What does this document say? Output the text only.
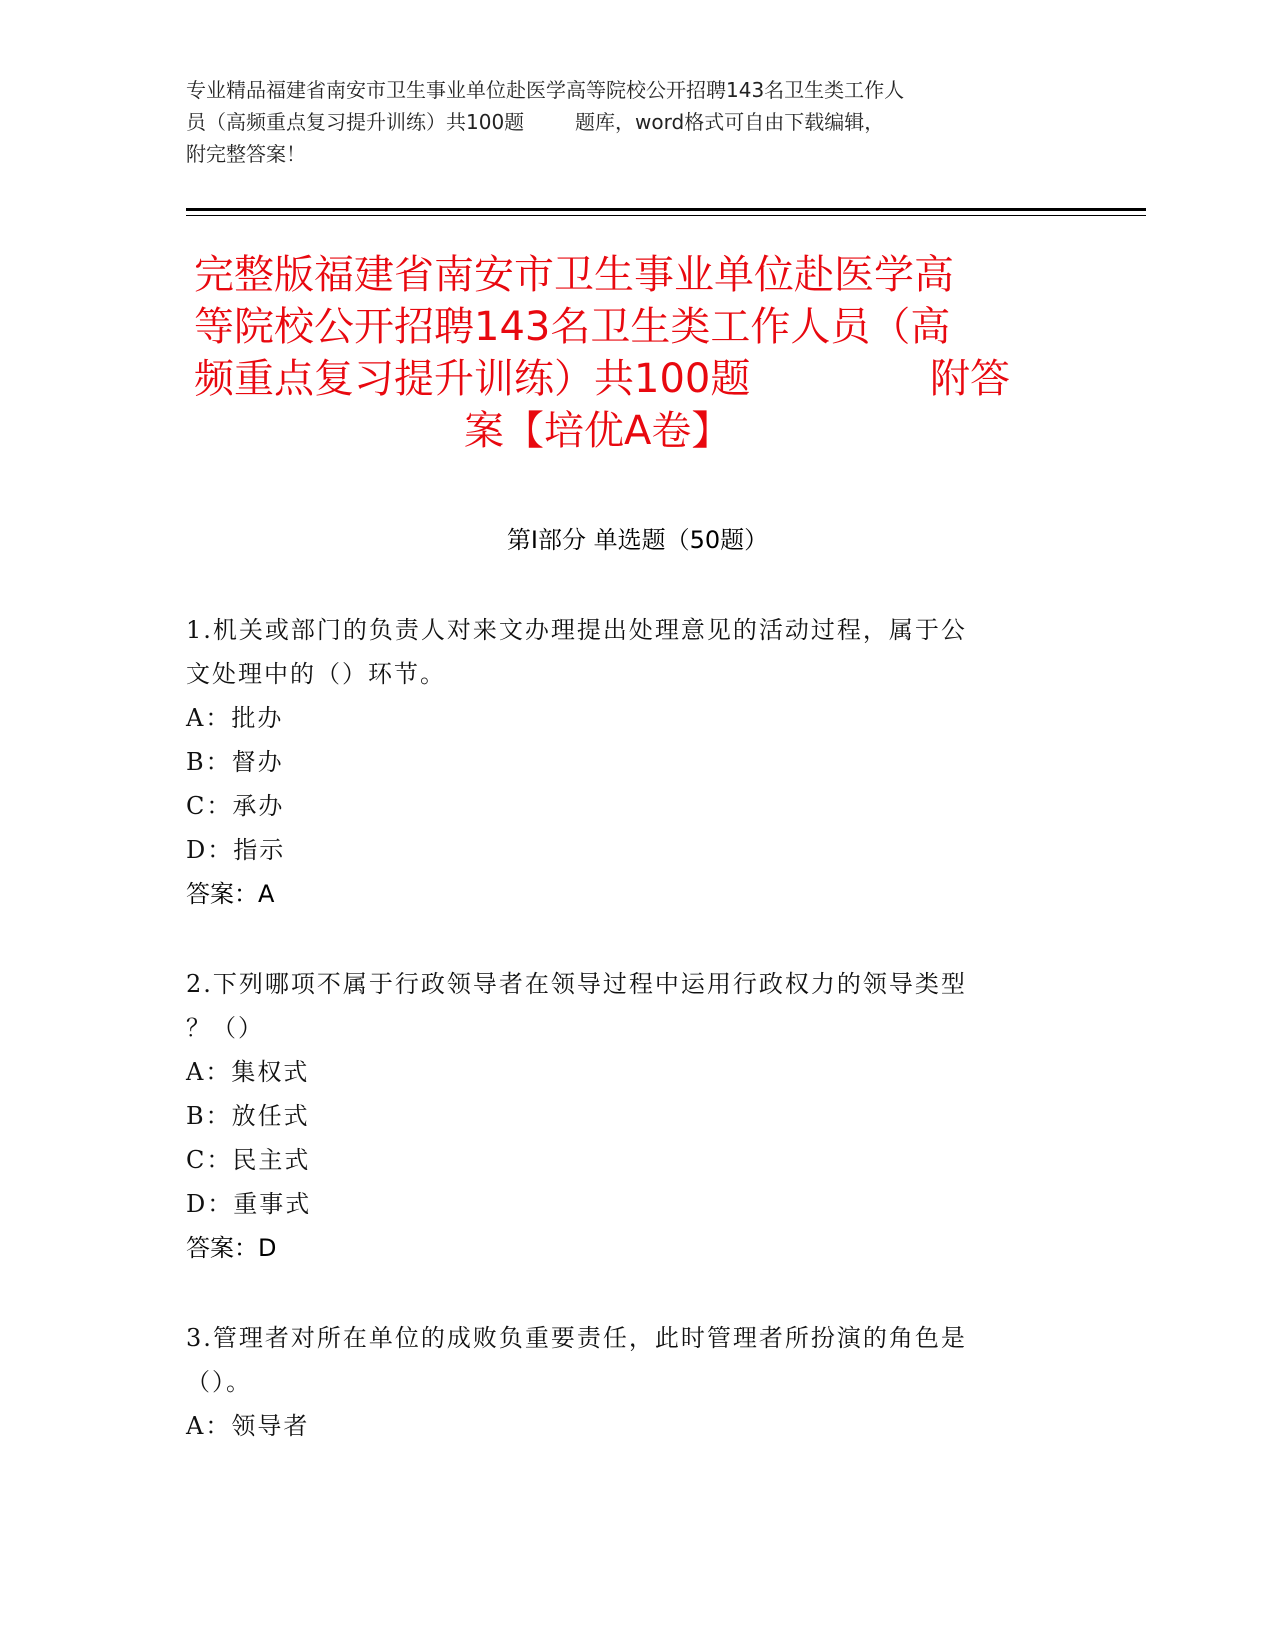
专业精品福建省南安市卫生事业单位赴医学高等院校公开招聘143名卫生类工作人
员（高频重点复习提升训练）共100题        题库，word格式可自由下载编辑，
附完整答案！
完整版福建省南安市卫生事业单位赴医学高
等院校公开招聘143名卫生类工作人员（高
频重点复习提升训练）共100题	附答
案【培优A卷】
第Ⅰ部分 单选题（50题）
1.机关或部门的负责人对来文办理提出处理意见的活动过程，属于公
文处理中的（）环节。
A：批办
B：督办
C：承办
D：指示
答案：A
2.下列哪项不属于行政领导者在领导过程中运用行政权力的领导类型
？（）
A：集权式
B：放任式
C：民主式
D：重事式
答案：D
3.管理者对所在单位的成败负重要责任，此时管理者所扮演的角色是
（）。
A：领导者
